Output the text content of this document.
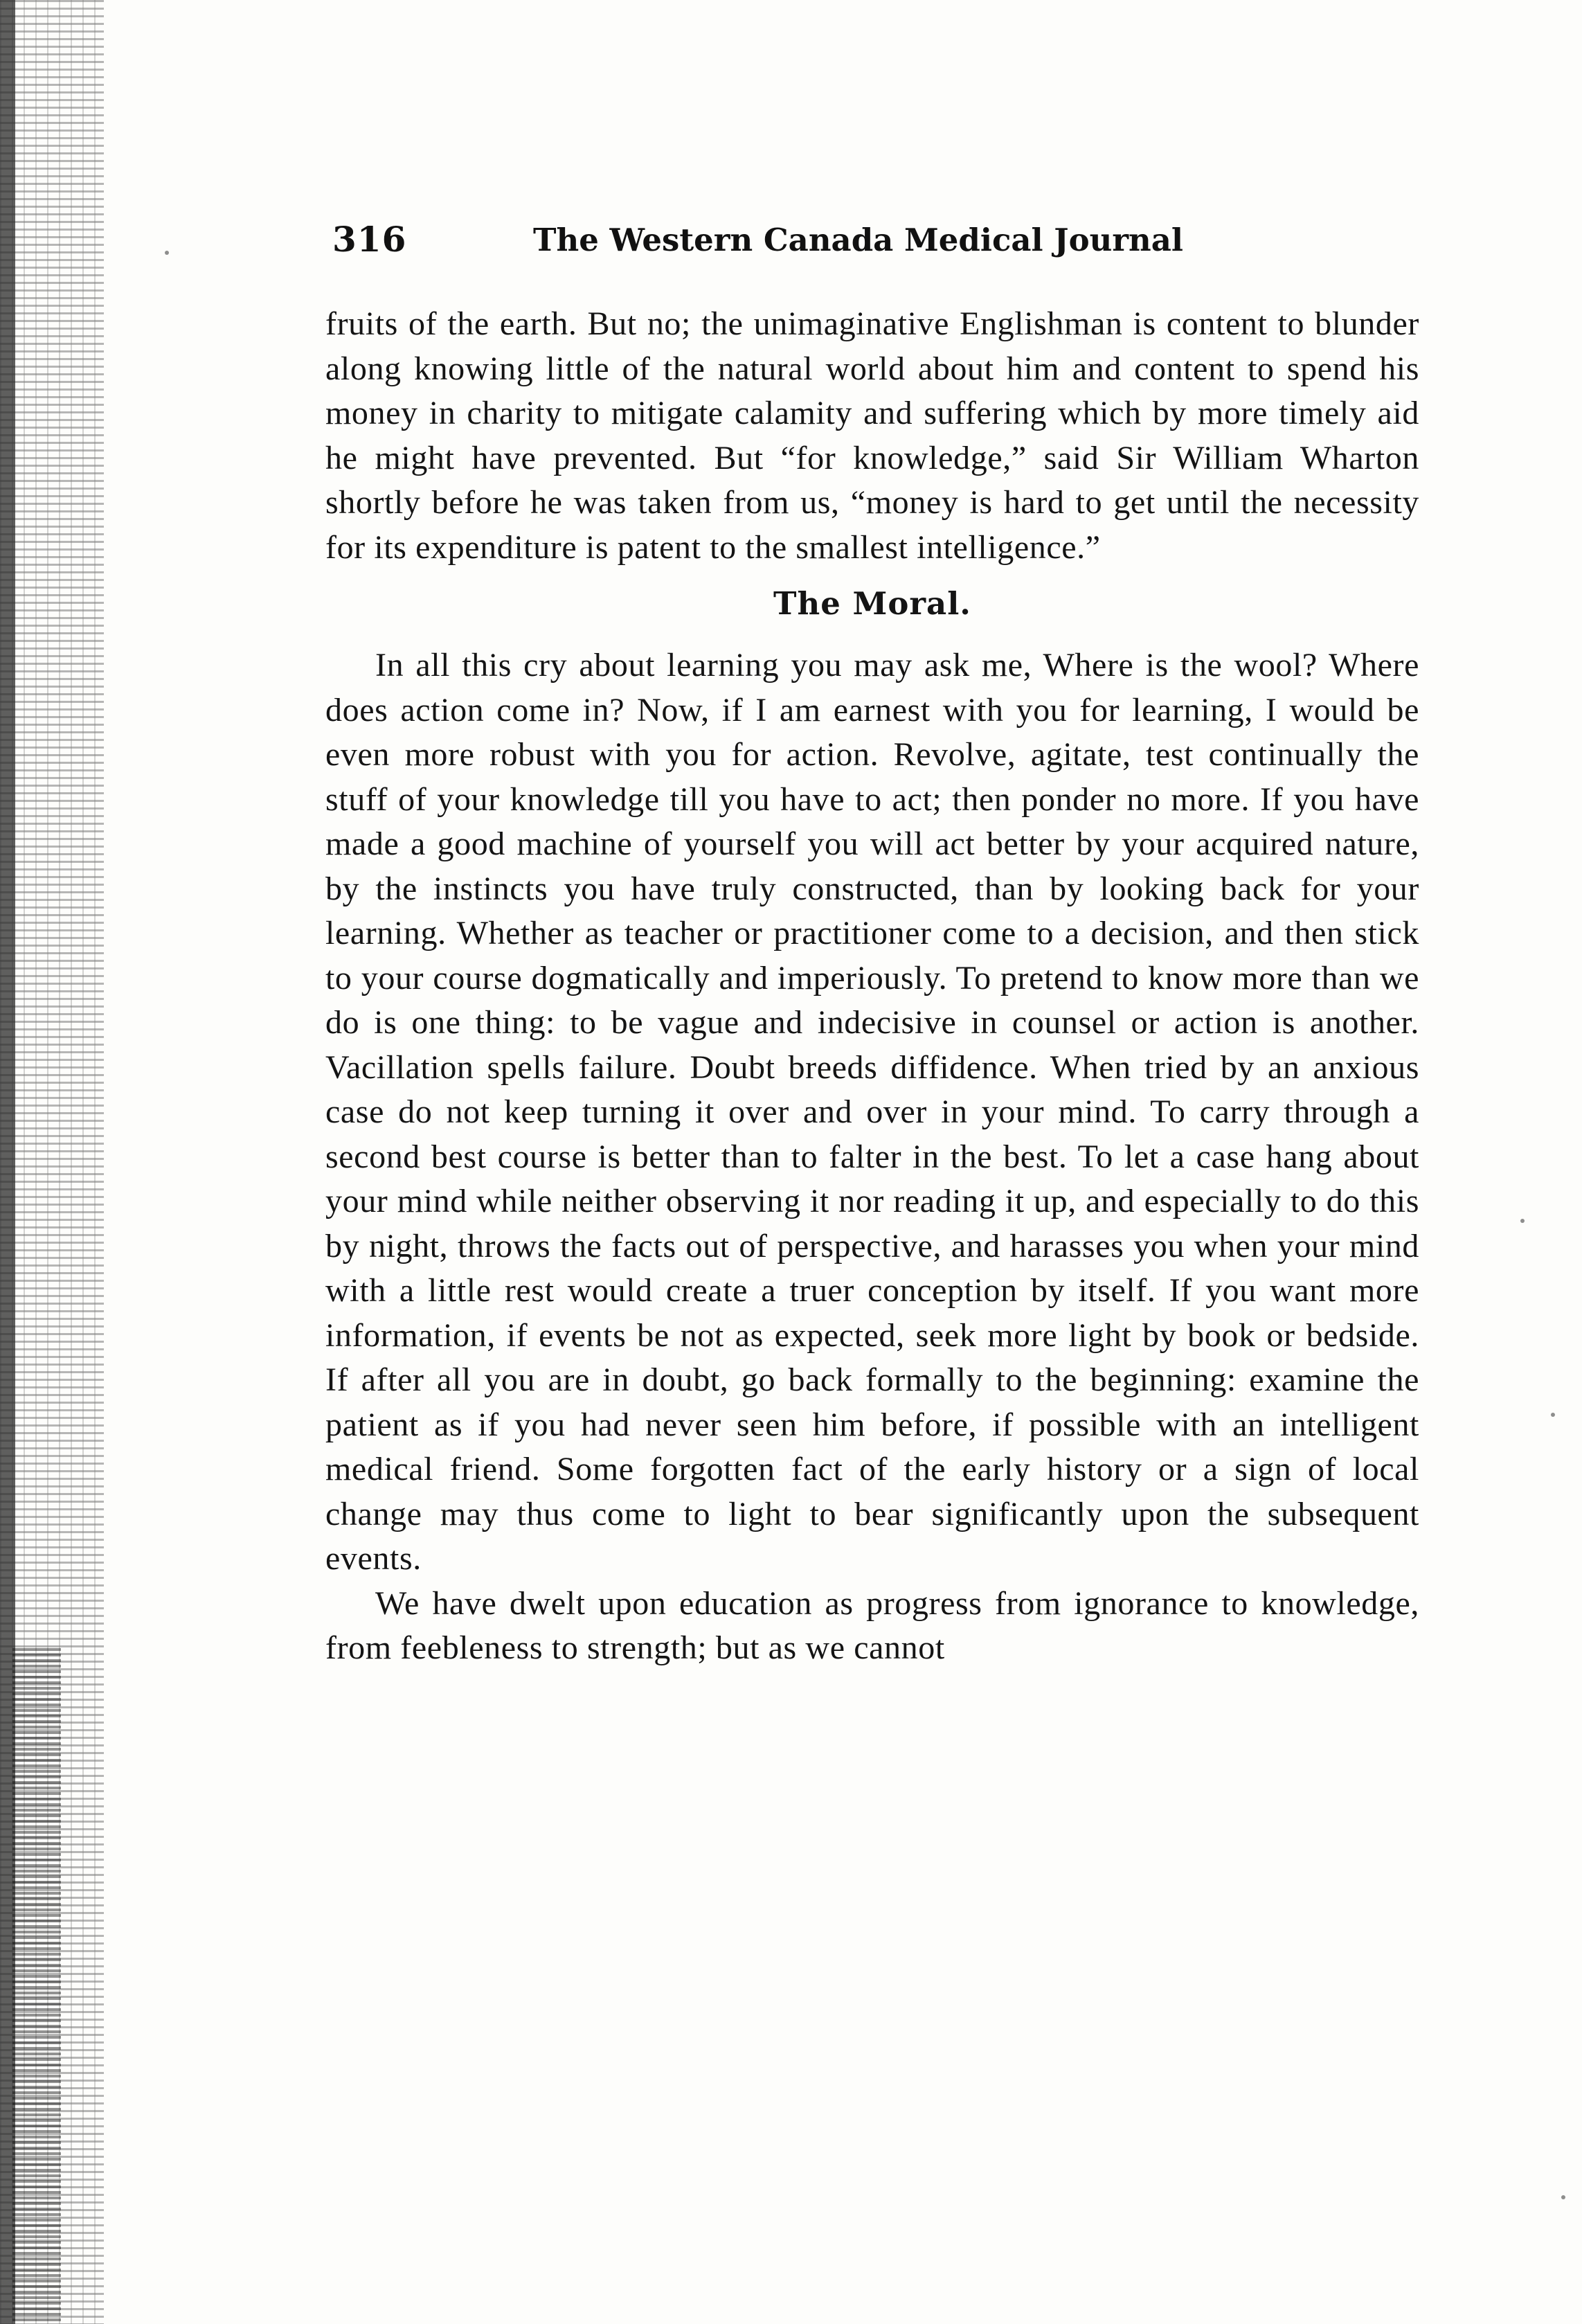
316	The Western Canada Medical Journal

fruits of the earth. But no; the unimaginative Englishman is content to blunder along knowing little of the natural world about him and content to spend his money in charity to mitigate calamity and suffering which by more timely aid he might have prevented. But “for knowledge,” said Sir William Wharton shortly before he was taken from us, “money is hard to get until the necessity for its expenditure is patent to the smallest intelligence.”

The Moral.

In all this cry about learning you may ask me, Where is the wool? Where does action come in? Now, if I am earnest with you for learning, I would be even more robust with you for action. Revolve, agitate, test continually the stuff of your knowledge till you have to act; then ponder no more. If you have made a good machine of yourself you will act better by your acquired nature, by the instincts you have truly constructed, than by looking back for your learning. Whether as teacher or practitioner come to a decision, and then stick to your course dogmatically and imperiously. To pretend to know more than we do is one thing: to be vague and indecisive in counsel or action is another. Vacillation spells failure. Doubt breeds diffidence. When tried by an anxious case do not keep turning it over and over in your mind. To carry through a second best course is better than to falter in the best. To let a case hang about your mind while neither observing it nor reading it up, and especially to do this by night, throws the facts out of perspective, and harasses you when your mind with a little rest would create a truer conception by itself. If you want more information, if events be not as expected, seek more light by book or bedside. If after all you are in doubt, go back formally to the beginning: examine the patient as if you had never seen him before, if possible with an intelligent medical friend. Some forgotten fact of the early history or a sign of local change may thus come to light to bear significantly upon the subsequent events.

We have dwelt upon education as progress from ignorance to knowledge, from feebleness to strength; but as we cannot
